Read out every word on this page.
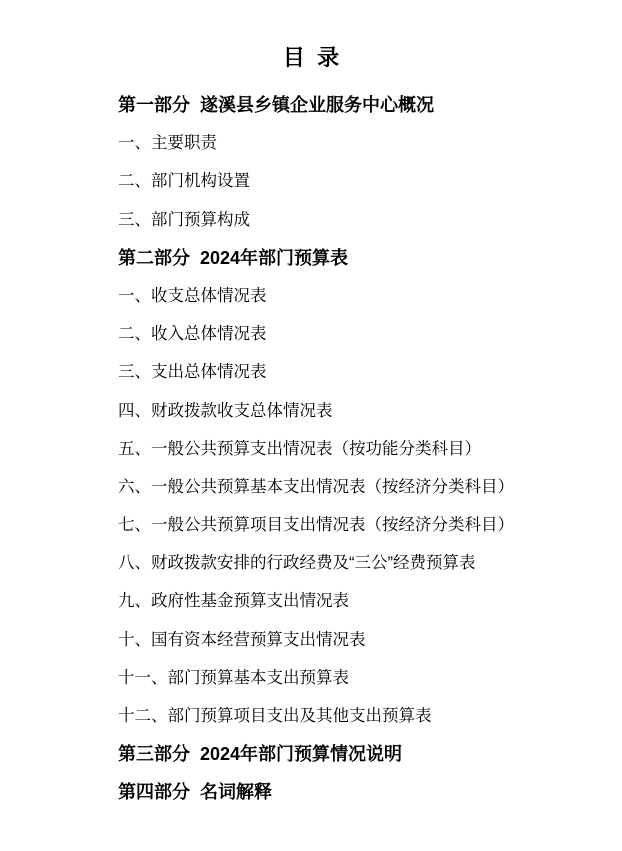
目  录
第一部分  遂溪县乡镇企业服务中心概况
一、主要职责
二、部门机构设置
三、部门预算构成
第二部分  2024年部门预算表
一、收支总体情况表
二、收入总体情况表
三、支出总体情况表
四、财政拨款收支总体情况表
五、一般公共预算支出情况表（按功能分类科目）
六、一般公共预算基本支出情况表（按经济分类科目）
七、一般公共预算项目支出情况表（按经济分类科目）
八、财政拨款安排的行政经费及“三公”经费预算表
九、政府性基金预算支出情况表
十、国有资本经营预算支出情况表
十一、部门预算基本支出预算表
十二、部门预算项目支出及其他支出预算表
第三部分  2024年部门预算情况说明
第四部分  名词解释
